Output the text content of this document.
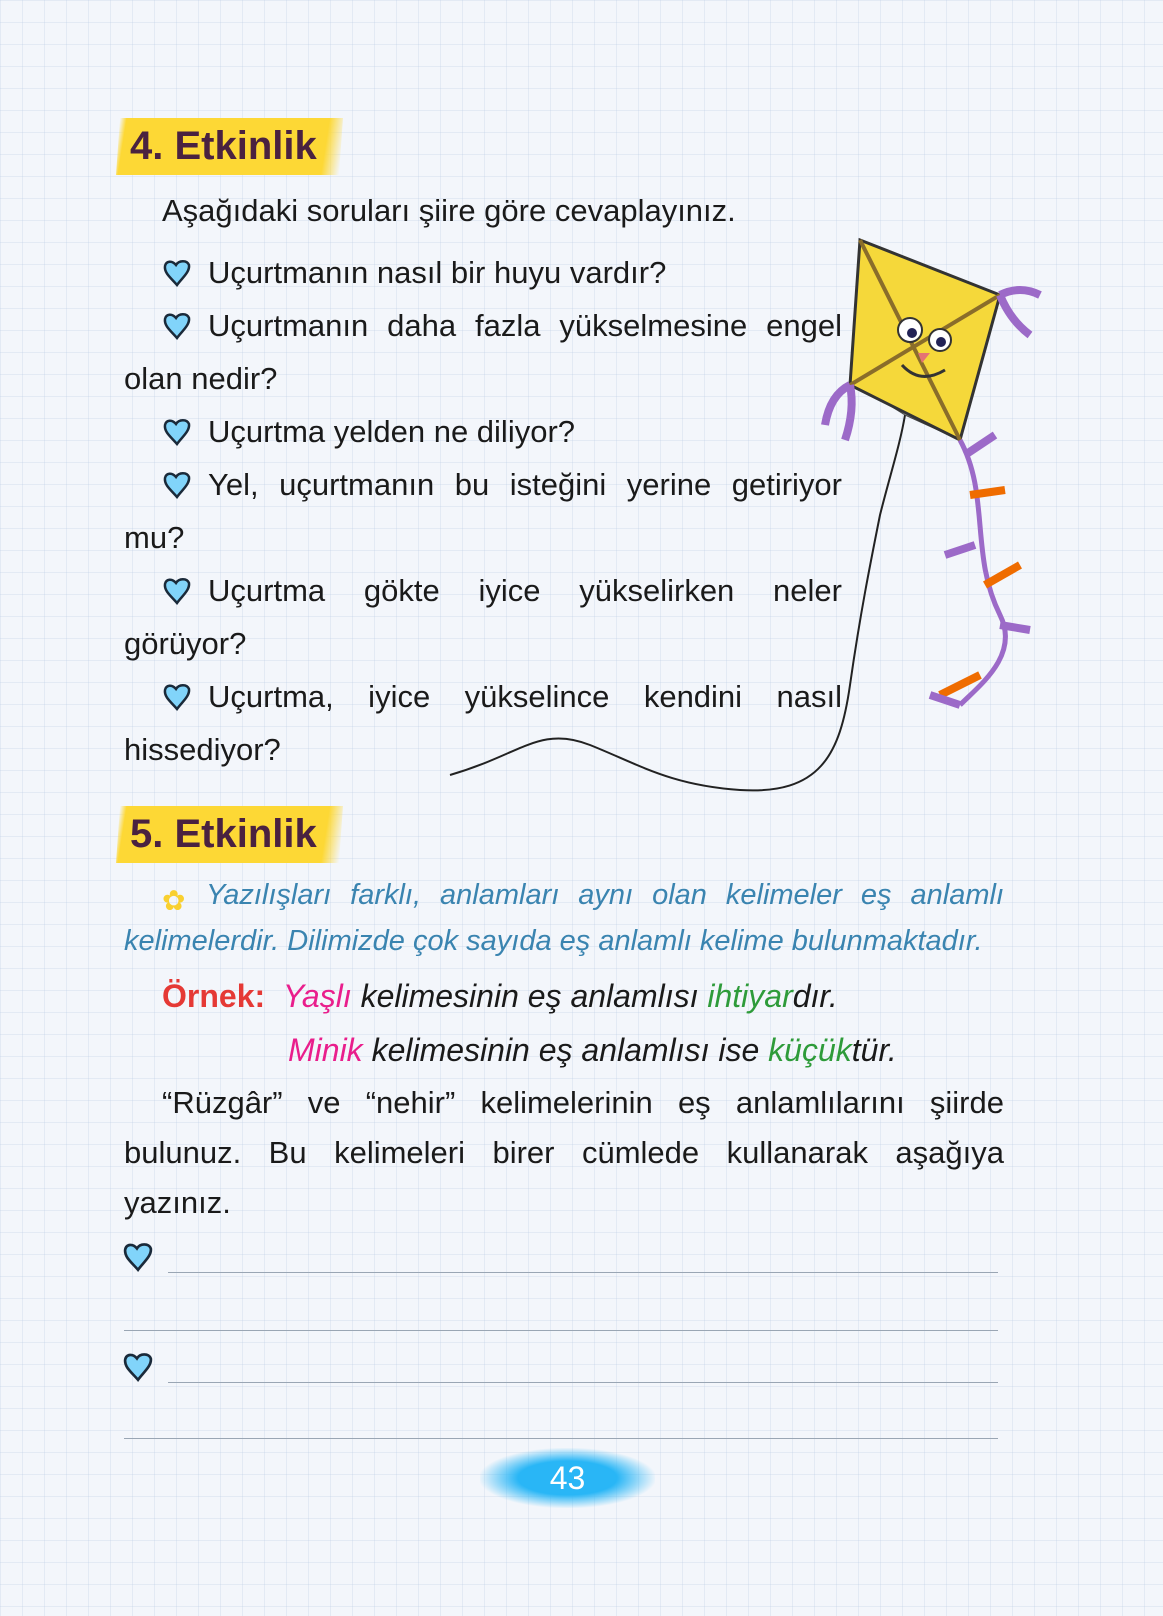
4. Etkinlik
Aşağıdaki soruları şiire göre cevaplayınız.
Uçurtmanın nasıl bir huyu vardır?
Uçurtmanın daha fazla yükselmesine engel olan nedir?
Uçurtma yelden ne diliyor?
Yel, uçurtmanın bu isteğini yerine getiriyor mu?
Uçurtma gökte iyice yükselirken neler görüyor?
Uçurtma, iyice yükselince kendini nasıl hissediyor?
5. Etkinlik
✿ Yazılışları farklı, anlamları aynı olan kelimeler eş anlamlı kelimelerdir. Dilimizde çok sayıda eş anlamlı kelime bulunmaktadır.
Örnek: Yaşlı kelimesinin eş anlamlısı ihtiyardır.
Minik kelimesinin eş anlamlısı ise küçüktür.
“Rüzgâr” ve “nehir” kelimelerinin eş anlamlılarını şiirde bulunuz. Bu kelimeleri birer cümlede kullanarak aşağıya yazınız.
43
